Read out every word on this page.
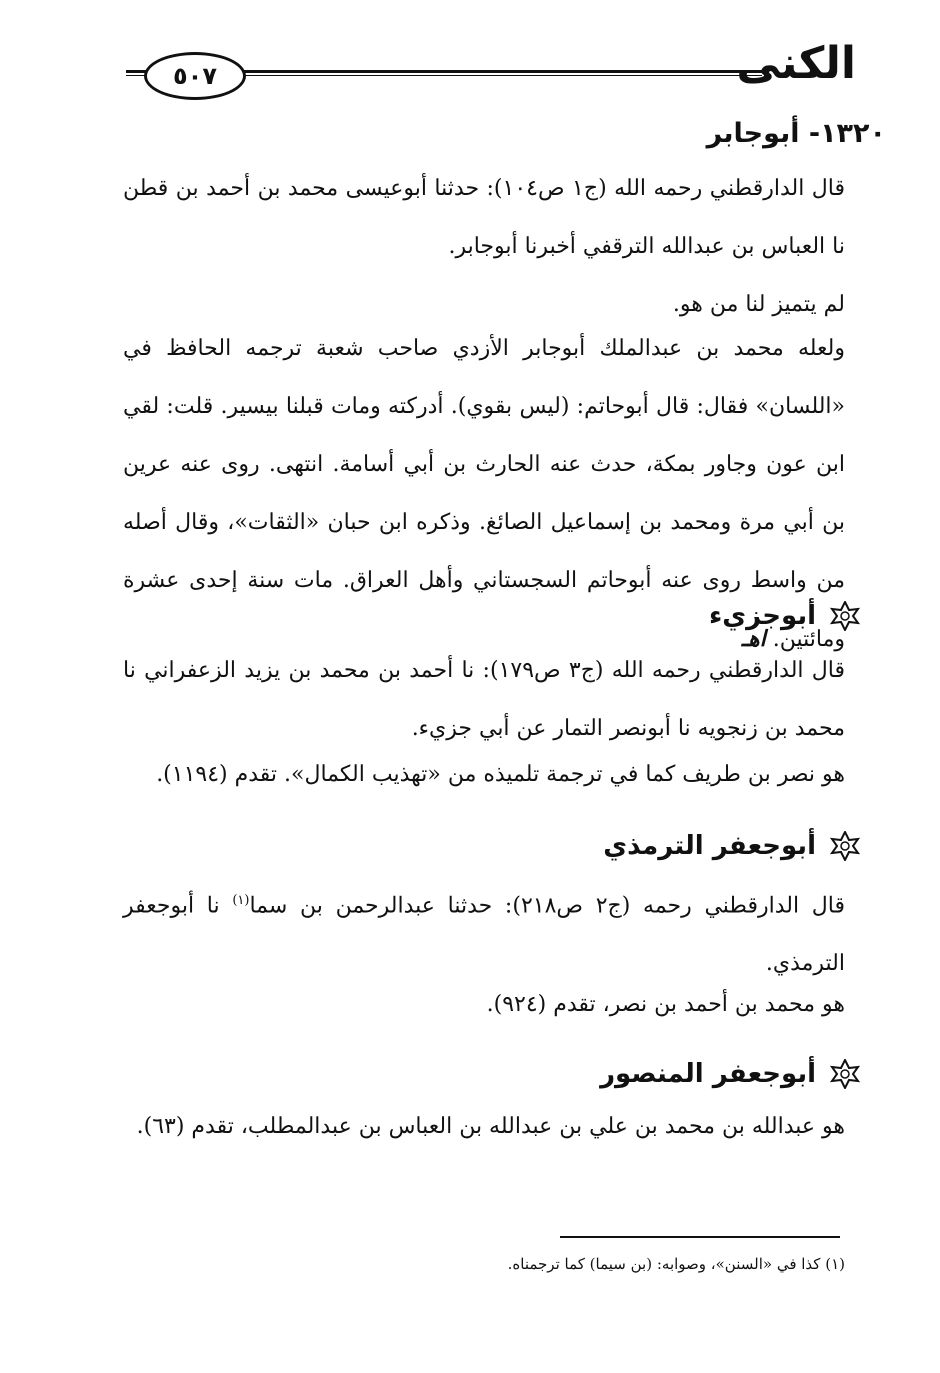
الكنى
٥٠٧
١٣٢٠- أبوجابر

قال الدارقطني رحمه الله (ج١ ص١٠٤): حدثنا أبوعيسى محمد بن أحمد بن قطن نا العباس بن عبدالله الترقفي أخبرنا أبوجابر.

لم يتميز لنا من هو.

ولعله محمد بن عبدالملك أبوجابر الأزدي صاحب شعبة ترجمه الحافظ في «اللسان» فقال: قال أبوحاتم: (ليس بقوي). أدركته ومات قبلنا بيسير. قلت: لقي ابن عون وجاور بمكة، حدث عنه الحارث بن أبي أسامة. انتهى. روى عنه عرين بن أبي مرة ومحمد بن إسماعيل الصائغ. وذكره ابن حبان «الثقات»، وقال أصله من واسط روى عنه أبوحاتم السجستاني وأهل العراق. مات سنة إحدى عشرة ومائتين. اهـ

أبوجزيء

قال الدارقطني رحمه الله (ج٣ ص١٧٩): نا أحمد بن محمد بن يزيد الزعفراني نا محمد بن زنجويه نا أبونصر التمار عن أبي جزيء.

هو نصر بن طريف كما في ترجمة تلميذه من «تهذيب الكمال». تقدم (١١٩٤).

أبوجعفر الترمذي

قال الدارقطني رحمه (ج٢ ص٢١٨): حدثنا عبدالرحمن بن سما$^{(١)}$ نا أبوجعفر الترمذي.

هو محمد بن أحمد بن نصر، تقدم (٩٢٤).

أبوجعفر المنصور

هو عبدالله بن محمد بن علي بن عبدالله بن العباس بن عبدالمطلب، تقدم (٦٣).

(١) كذا في «السنن»، وصوابه: (بن سيما) كما ترجمناه.
